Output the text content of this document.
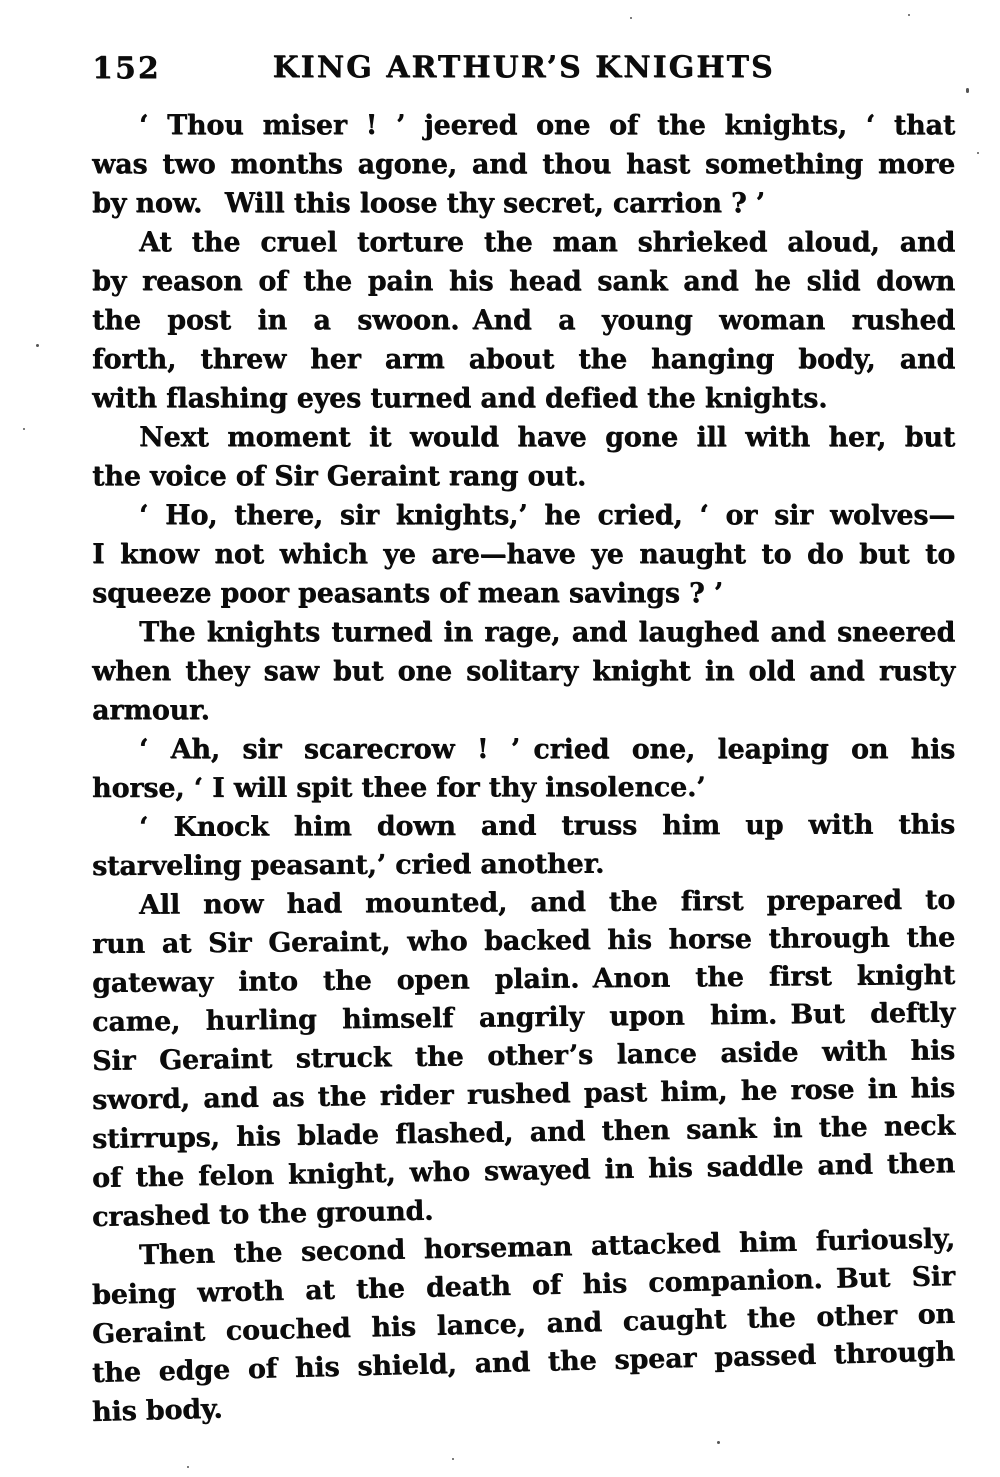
152	KING ARTHUR’S KNIGHTS
‘ Thou miser ! ’ jeered one of the knights, ‘ that
was two months agone, and thou hast something more
by now.  Will this loose thy secret, carrion ? ’
At the cruel torture the man shrieked aloud, and
by reason of the pain his head sank and he slid down
the post in a swoon. And a young woman rushed
forth, threw her arm about the hanging body, and
with flashing eyes turned and defied the knights.
Next moment it would have gone ill with her, but
the voice of Sir Geraint rang out.
‘ Ho, there, sir knights,’ he cried, ‘ or sir wolves—
I know not which ye are—have ye naught to do but to
squeeze poor peasants of mean savings ? ’
The knights turned in rage, and laughed and sneered
when they saw but one solitary knight in old and rusty
armour.
‘ Ah, sir scarecrow ! ’ cried one, leaping on his
horse, ‘ I will spit thee for thy insolence.’
‘ Knock him down and truss him up with this
starveling peasant,’ cried another.
All now had mounted, and the first prepared to
run at Sir Geraint, who backed his horse through the
gateway into the open plain. Anon the first knight
came, hurling himself angrily upon him. But deftly
Sir Geraint struck the other’s lance aside with his
sword, and as the rider rushed past him, he rose in his
stirrups, his blade flashed, and then sank in the neck
of the felon knight, who swayed in his saddle and then
crashed to the ground.
Then the second horseman attacked him furiously,
being wroth at the death of his companion. But Sir
Geraint couched his lance, and caught the other on
the edge of his shield, and the spear passed through
his body.
